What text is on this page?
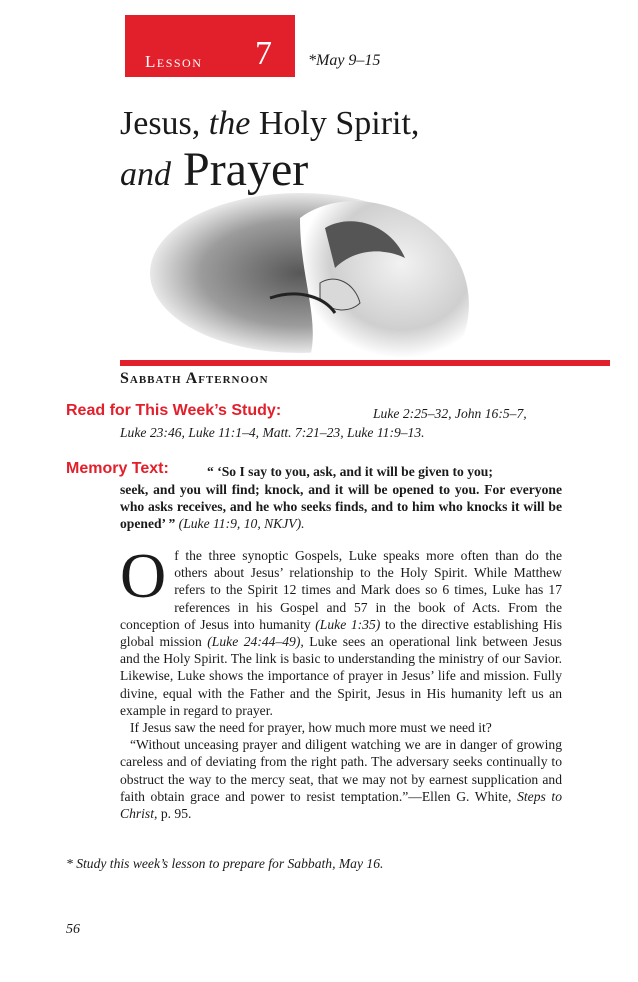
Lesson 7 *May 9–15
Jesus, the Holy Spirit,
and Prayer
Sabbath Afternoon
Read for This Week’s Study:	Luke 2:25–32, John 16:5–7,
Luke 23:46, Luke 11:1–4, Matt. 7:21–23, Luke 11:9–13.
Memory Text:	“ ‘So I say to you, ask, and it will be given to you;
seek, and you will find; knock, and it will be opened to you. For everyone who asks receives, and he who seeks finds, and to him who knocks it will be opened’ ” (Luke 11:9, 10, NKJV).

O f the three synoptic Gospels, Luke speaks more often than do the others about Jesus’ relationship to the Holy Spirit. While Matthew refers to the Spirit 12 times and Mark does so 6 times, Luke has 17 references in his Gospel and 57 in the book of Acts. From the conception of Jesus into humanity (Luke 1:35) to the directive establishing His global mission (Luke 24:44–49), Luke sees an operational link between Jesus and the Holy Spirit. The link is basic to understanding the ministry of our Savior. Likewise, Luke shows the importance of prayer in Jesus’ life and mission. Fully divine, equal with the Father and the Spirit, Jesus in His humanity left us an example in regard to prayer.

If Jesus saw the need for prayer, how much more must we need it?

“Without unceasing prayer and diligent watching we are in danger of growing careless and of deviating from the right path. The adversary seeks continually to obstruct the way to the mercy seat, that we may not by earnest supplication and faith obtain grace and power to resist temptation.”—Ellen G. White, Steps to Christ, p. 95.

* Study this week’s lesson to prepare for Sabbath, May 16.
56
